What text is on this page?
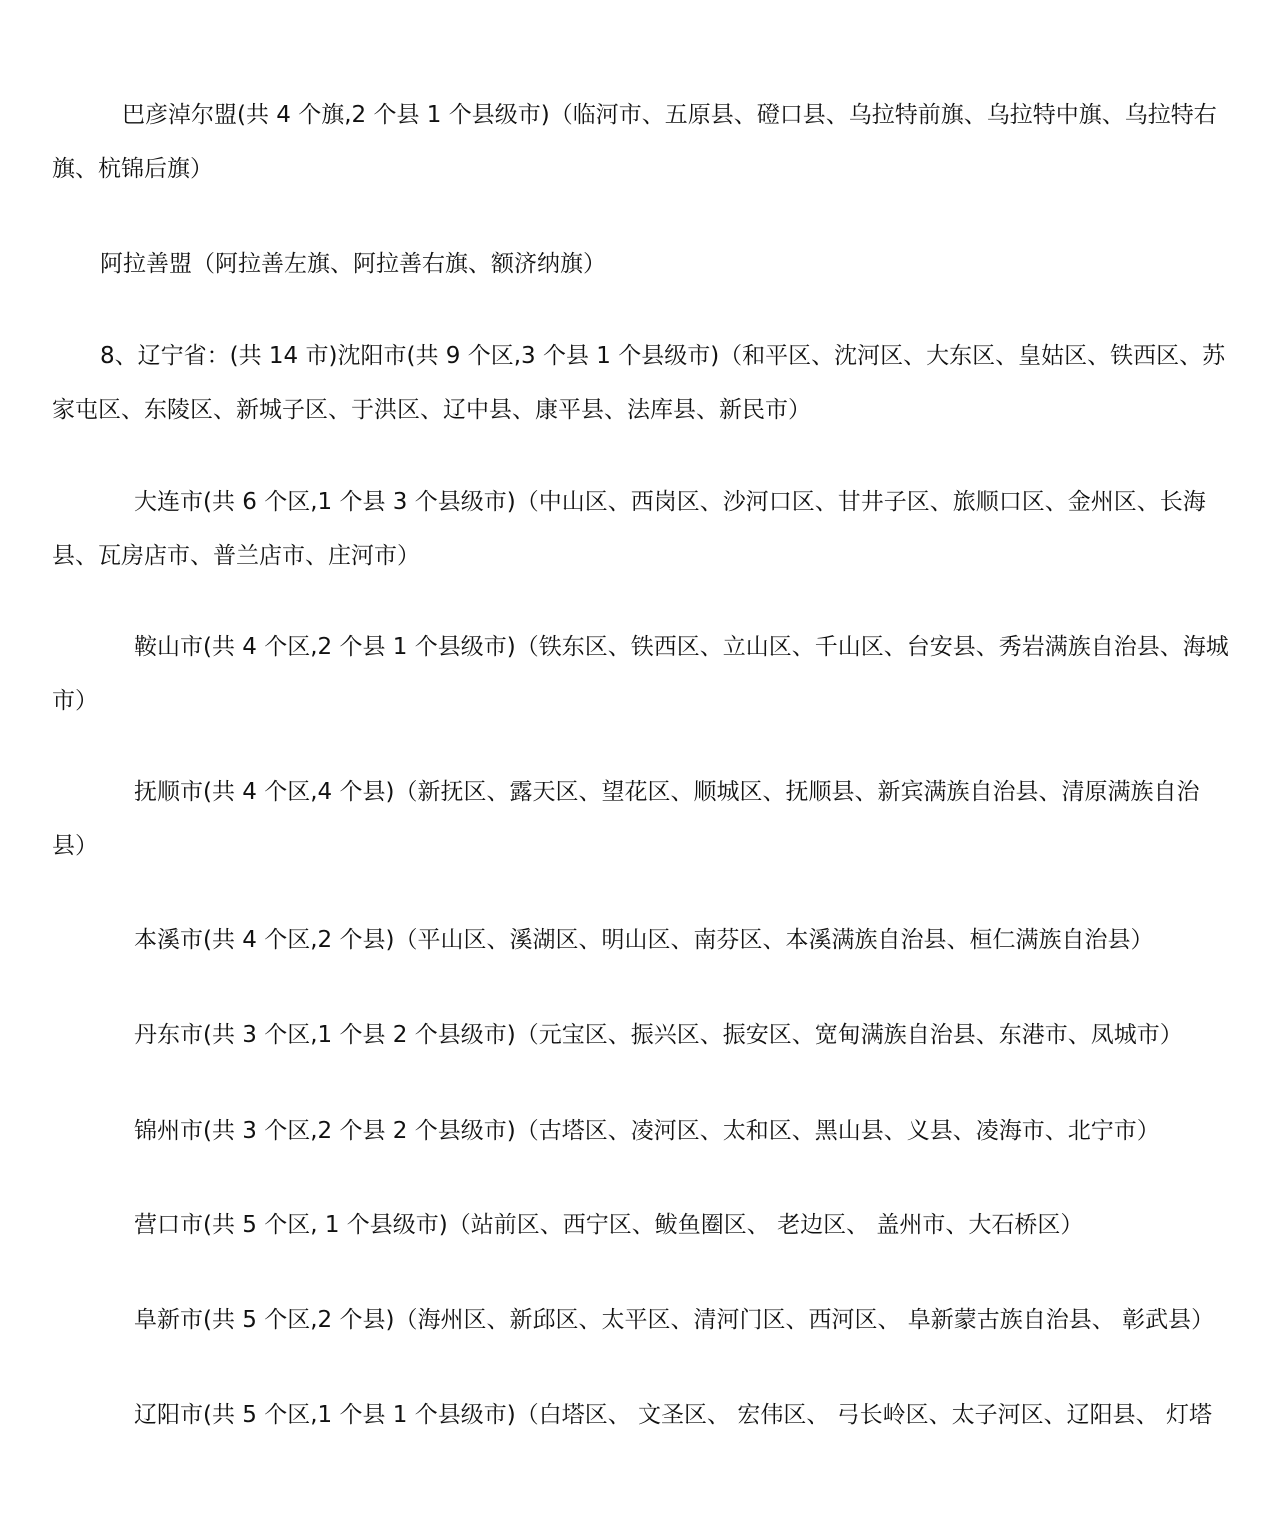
巴彦淖尔盟(共 4 个旗,2 个县 1 个县级市)（临河市、五原县、磴口县、乌拉特前旗、乌拉特中旗、乌拉特右旗、杭锦后旗）

阿拉善盟（阿拉善左旗、阿拉善右旗、额济纳旗）

8、辽宁省：(共 14 市)沈阳市(共 9 个区,3 个县 1 个县级市)（和平区、沈河区、大东区、皇姑区、铁西区、苏家屯区、东陵区、新城子区、于洪区、辽中县、康平县、法库县、新民市）

大连市(共 6 个区,1 个县 3 个县级市)（中山区、西岗区、沙河口区、甘井子区、旅顺口区、金州区、长海县、瓦房店市、普兰店市、庄河市）

鞍山市(共 4 个区,2 个县 1 个县级市)（铁东区、铁西区、立山区、千山区、台安县、秀岩满族自治县、海城市）

抚顺市(共 4 个区,4 个县)（新抚区、露天区、望花区、顺城区、抚顺县、新宾满族自治县、清原满族自治县）

本溪市(共 4 个区,2 个县)（平山区、溪湖区、明山区、南芬区、本溪满族自治县、桓仁满族自治县）

丹东市(共 3 个区,1 个县 2 个县级市)（元宝区、振兴区、振安区、宽甸满族自治县、东港市、凤城市）

锦州市(共 3 个区,2 个县 2 个县级市)（古塔区、凌河区、太和区、黑山县、义县、凌海市、北宁市）

营口市(共 5 个区, 1 个县级市)（站前区、西宁区、鲅鱼圈区、 老边区、 盖州市、大石桥区）

阜新市(共 5 个区,2 个县)（海州区、新邱区、太平区、清河门区、西河区、 阜新蒙古族自治县、 彰武县）

辽阳市(共 5 个区,1 个县 1 个县级市)（白塔区、 文圣区、 宏伟区、 弓长岭区、太子河区、辽阳县、 灯塔
